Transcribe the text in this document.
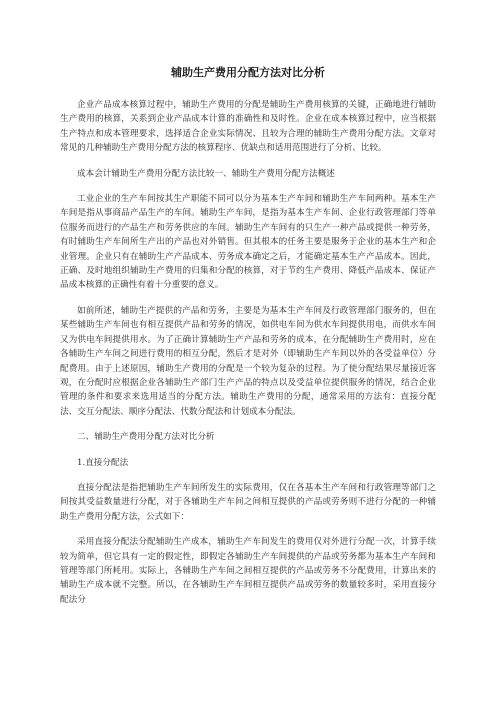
辅助生产费用分配方法对比分析

企业产品成本核算过程中，辅助生产费用的分配是辅助生产费用核算的关键，正确地进行辅助生产费用的核算，关系到企业产品成本计算的准确性和及时性。企业在成本核算过程中，应当根据生产特点和成本管理要求，选择适合企业实际情况、且较为合理的辅助生产费用分配方法。文章对常见的几种辅助生产费用分配方法的核算程序、优缺点和适用范围进行了分析、比较。

成本会计辅助生产费用分配方法比较一、辅助生产费用分配方法概述

工业企业的生产车间按其生产职能不同可以分为基本生产车间和辅助生产车间两种。基本生产车间是指从事商品产品生产的车间。辅助生产车间，是指为基本生产车间、企业行政管理部门等单位服务而进行的产品生产和劳务供应的车间。辅助生产车间有的只生产一种产品或提供一种劳务，有时辅助生产车间所生产出的产品也对外销售。但其根本的任务主要是服务于企业的基本生产和企业管理。企业只有在辅助生产产品成本、劳务成本确定之后，才能确定基本生产产品成本。因此，正确、及时地组织辅助生产费用的归集和分配的核算，对于节约生产费用、降低产品成本、保证产品成本核算的正确性有着十分重要的意义。

如前所述，辅助生产提供的产品和劳务，主要是为基本生产车间及行政管理部门服务的，但在某些辅助生产车间也有相互提供产品和劳务的情况，如供电车间为供水车间提供用电，而供水车间又为供电车间提供用水。为了正确计算辅助生产产品和劳务的成本，在分配辅助生产费用时，应在各辅助生产车间之间进行费用的相互分配，然后才是对外（即辅助生产车间以外的各受益单位）分配费用。由于上述原因，辅助生产费用的分配是一个较为复杂的过程。为了使分配结果尽量接近客观，在分配时应根据企业各辅助生产部门生产产品的特点以及受益单位提供服务的情况，结合企业管理的条件和要求来选用适当的分配方法。辅助生产费用的分配，通常采用的方法有：直接分配法、交互分配法、顺序分配法、代数分配法和计划成本分配法。

二、辅助生产费用分配方法对比分析

1.直接分配法

直接分配法是指把辅助生产车间所发生的实际费用，仅在各基本生产车间和行政管理等部门之间按其受益数量进行分配，对于各辅助生产车间之间相互提供的产品或劳务则不进行分配的一种辅助生产费用分配方法，公式如下：

采用直接分配法分配辅助生产成本，辅助生产车间发生的费用仅对外进行分配一次，计算手续较为简单，但它具有一定的假定性，即假定各辅助生产车间提供的产品或劳务都为基本生产车间和管理等部门所耗用。实际上，各辅助生产车间之间相互提供的产品或劳务不分配费用，计算出来的辅助生产成本就不完整。所以，在各辅助生产车间相互提供产品或劳务的数量较多时，采用直接分配法分
